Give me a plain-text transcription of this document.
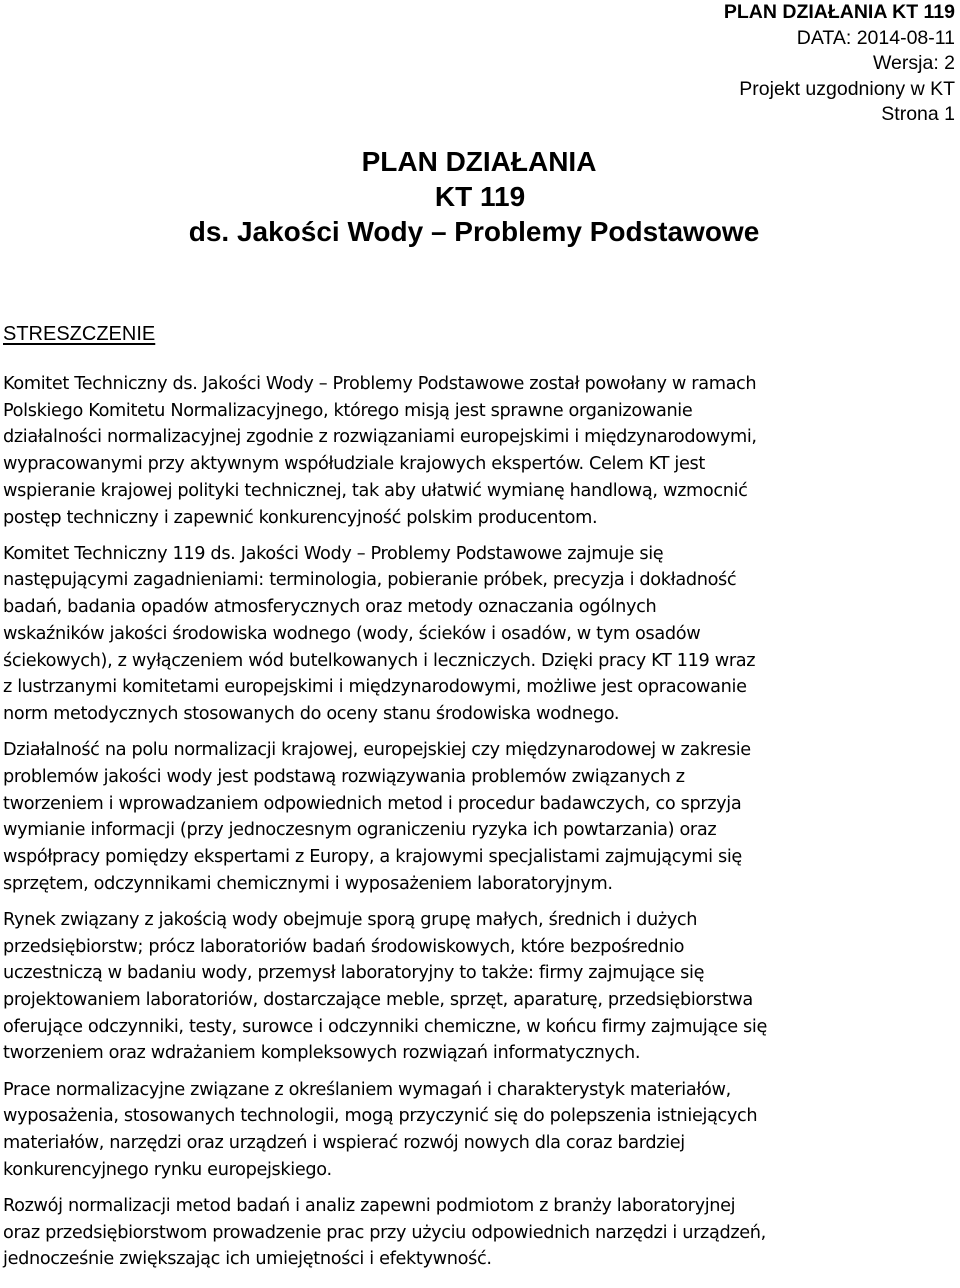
PLAN DZIAŁANIA KT 119
DATA: 2014-08-11
Wersja: 2
Projekt uzgodniony w KT
Strona 1
PLAN DZIAŁANIA
KT 119
ds. Jakości Wody – Problemy Podstawowe
STRESZCZENIE

Komitet Techniczny ds. Jakości Wody – Problemy Podstawowe został powołany w ramach
Polskiego Komitetu Normalizacyjnego, którego misją jest sprawne organizowanie
działalności normalizacyjnej zgodnie z rozwiązaniami europejskimi i międzynarodowymi,
wypracowanymi przy aktywnym współudziale krajowych ekspertów. Celem KT jest
wspieranie krajowej polityki technicznej, tak aby ułatwić wymianę handlową, wzmocnić
postęp techniczny i zapewnić konkurencyjność polskim producentom.

Komitet Techniczny 119 ds. Jakości Wody – Problemy Podstawowe zajmuje się
następującymi zagadnieniami: terminologia, pobieranie próbek, precyzja i dokładność
badań, badania opadów atmosferycznych oraz metody oznaczania ogólnych
wskaźników jakości środowiska wodnego (wody, ścieków i osadów, w tym osadów
ściekowych), z wyłączeniem wód butelkowanych i leczniczych. Dzięki pracy KT 119 wraz
z lustrzanymi komitetami europejskimi i międzynarodowymi, możliwe jest opracowanie
norm metodycznych stosowanych do oceny stanu środowiska wodnego.

Działalność na polu normalizacji krajowej, europejskiej czy międzynarodowej w zakresie
problemów jakości wody jest podstawą rozwiązywania problemów związanych z
tworzeniem i wprowadzaniem odpowiednich metod i procedur badawczych, co sprzyja
wymianie informacji (przy jednoczesnym ograniczeniu ryzyka ich powtarzania) oraz
współpracy pomiędzy ekspertami z Europy, a krajowymi specjalistami zajmującymi się
sprzętem, odczynnikami chemicznymi i wyposażeniem laboratoryjnym.

Rynek związany z jakością wody obejmuje sporą grupę małych, średnich i dużych
przedsiębiorstw; prócz laboratoriów badań środowiskowych, które bezpośrednio
uczestniczą w badaniu wody, przemysł laboratoryjny to także: firmy zajmujące się
projektowaniem laboratoriów, dostarczające meble, sprzęt, aparaturę, przedsiębiorstwa
oferujące odczynniki, testy, surowce i odczynniki chemiczne, w końcu firmy zajmujące się
tworzeniem oraz wdrażaniem kompleksowych rozwiązań informatycznych.

Prace normalizacyjne związane z określaniem wymagań i charakterystyk materiałów,
wyposażenia, stosowanych technologii, mogą przyczynić się do polepszenia istniejących
materiałów, narzędzi oraz urządzeń i wspierać rozwój nowych dla coraz bardziej
konkurencyjnego rynku europejskiego.

Rozwój normalizacji metod badań i analiz zapewni podmiotom z branży laboratoryjnej
oraz przedsiębiorstwom prowadzenie prac przy użyciu odpowiednich narzędzi i urządzeń,
jednocześnie zwiększając ich umiejętności i efektywność.
